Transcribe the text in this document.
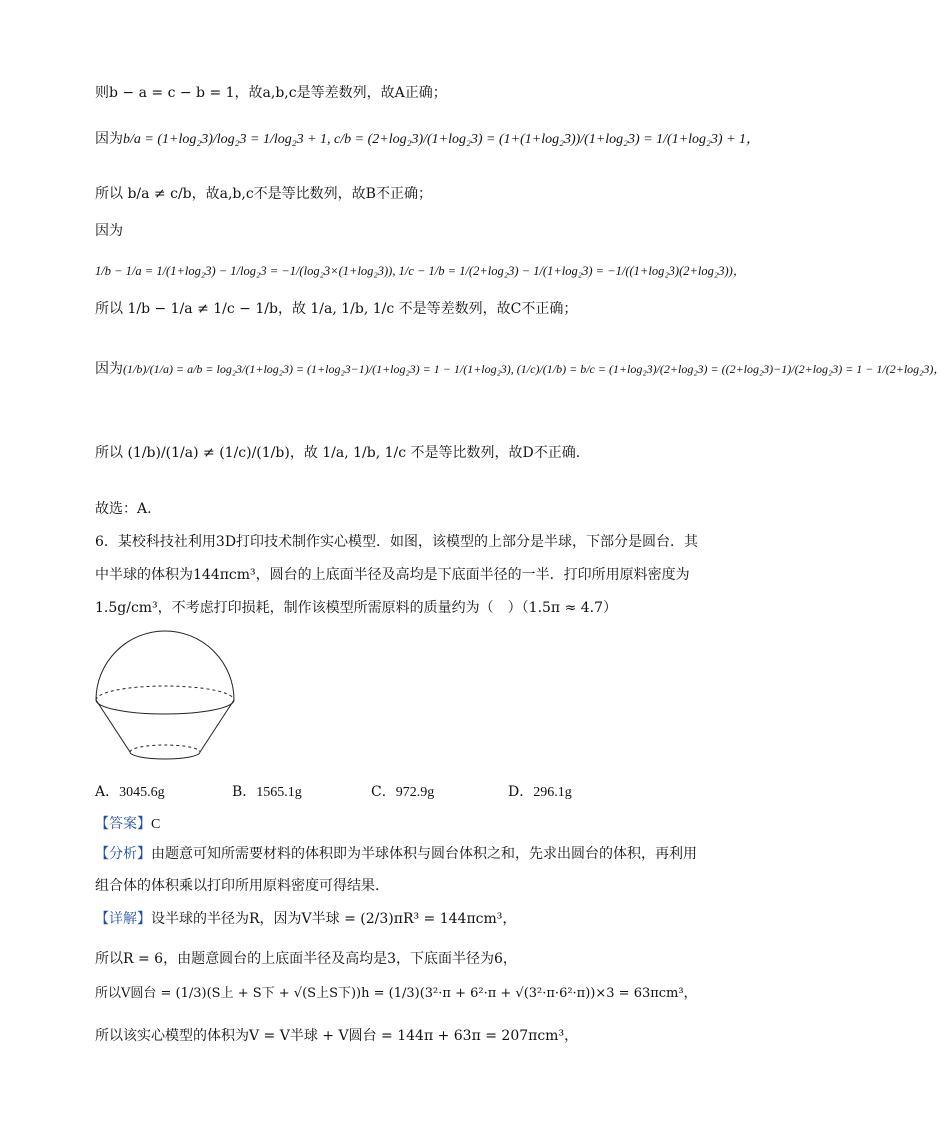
则b − a = c − b = 1，故a,b,c是等差数列，故A正确；
因为b/a = (1+log₂3)/log₂3 = 1/log₂3 + 1, c/b = (2+log₂3)/(1+log₂3) = (1+(1+log₂3))/(1+log₂3) = 1/(1+log₂3) + 1，
所以 b/a ≠ c/b，故a,b,c不是等比数列，故B不正确；
因为
1/b − 1/a = 1/(1+log₂3) − 1/log₂3 = −1/(log₂3×(1+log₂3)), 1/c − 1/b = 1/(2+log₂3) − 1/(1+log₂3) = −1/((1+log₂3)(2+log₂3))，
所以 1/b − 1/a ≠ 1/c − 1/b，故 1/a, 1/b, 1/c 不是等差数列，故C不正确；
因为(1/b)/(1/a) = a/b = log₂3/(1+log₂3) = (1+log₂3−1)/(1+log₂3) = 1 − 1/(1+log₂3), (1/c)/(1/b) = b/c = (1+log₂3)/(2+log₂3) = ((2+log₂3)−1)/(2+log₂3) = 1 − 1/(2+log₂3)，
所以 (1/b)/(1/a) ≠ (1/c)/(1/b)，故 1/a, 1/b, 1/c 不是等比数列，故D不正确.
故选：A.
6．某校科技社利用3D打印技术制作实心模型．如图，该模型的上部分是半球，下部分是圆台．其
中半球的体积为144πcm³，圆台的上底面半径及高均是下底面半径的一半．打印所用原料密度为
1.5g/cm³，不考虑打印损耗，制作该模型所需原料的质量约为（　）（1.5π ≈ 4.7）
A．3045.6g	B．1565.1g	C．972.9g	D．296.1g
【答案】C
【分析】由题意可知所需要材料的体积即为半球体积与圆台体积之和，先求出圆台的体积，再利用
组合体的体积乘以打印所用原料密度可得结果.
【详解】设半球的半径为R，因为V半球 = (2/3)πR³ = 144πcm³，
所以R = 6，由题意圆台的上底面半径及高均是3，下底面半径为6，
所以V圆台 = (1/3)(S上 + S下 + √(S上S下))h = (1/3)(3²·π + 6²·π + √(3²·π·6²·π))×3 = 63πcm³，
所以该实心模型的体积为V = V半球 + V圆台 = 144π + 63π = 207πcm³，
